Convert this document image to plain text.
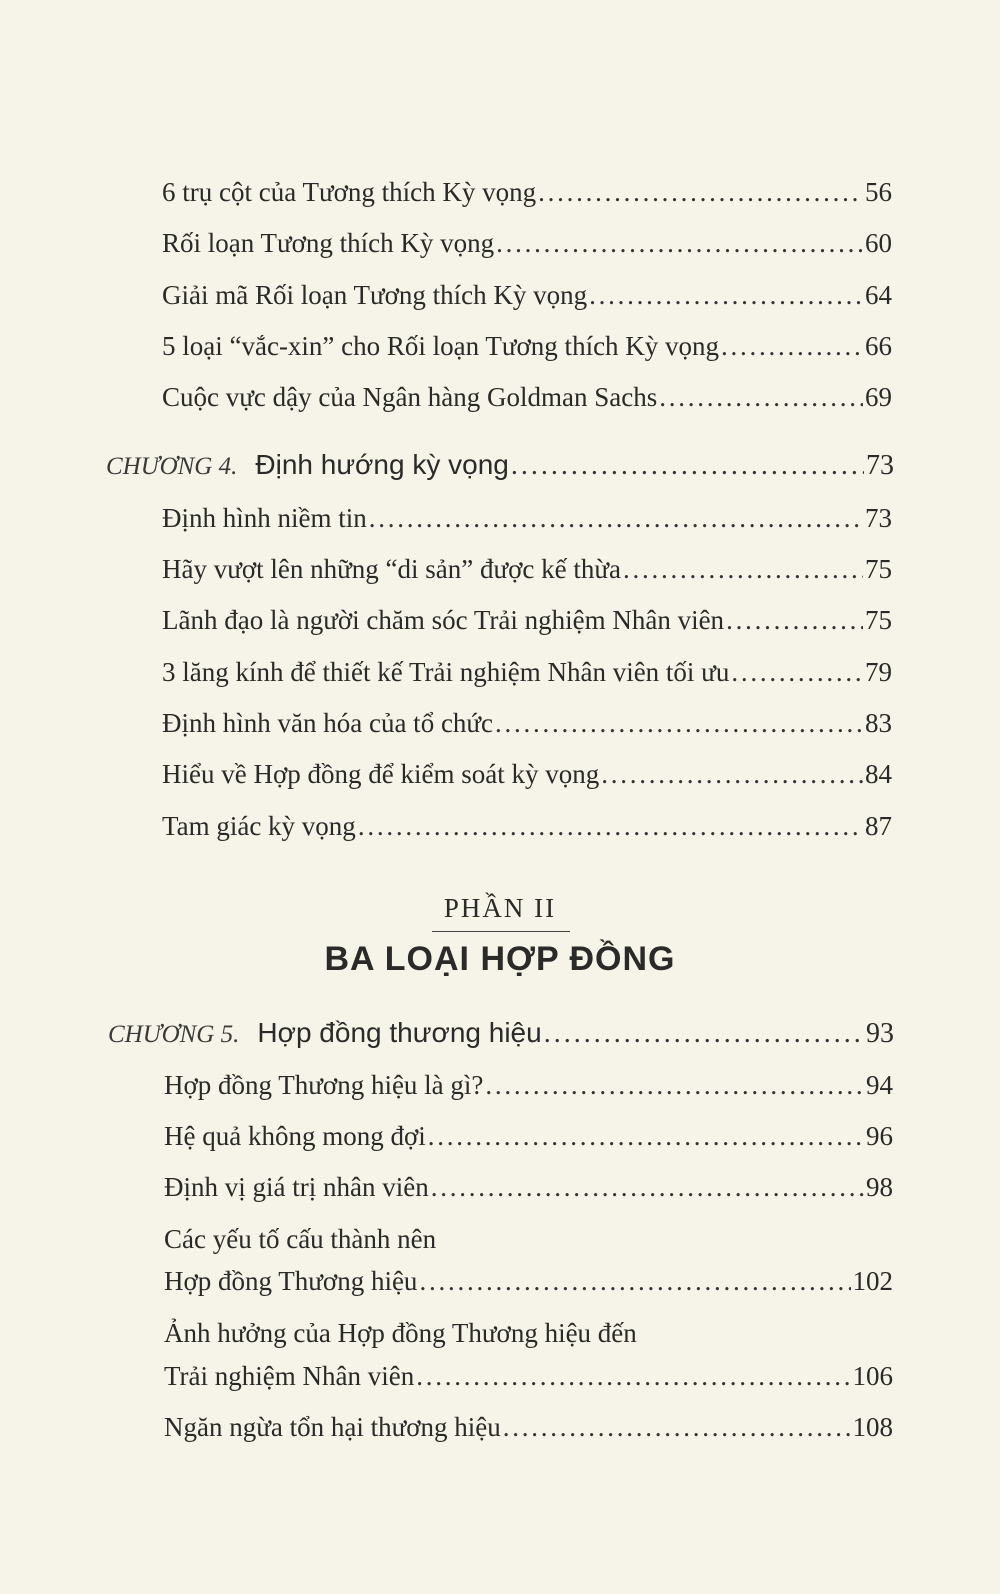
6 trụ cột của Tương thích Kỳ vọng . . .	56
Rối loạn Tương thích Kỳ vọng . . .	60
Giải mã Rối loạn Tương thích Kỳ vọng . . .	64
5 loại “vắc-xin” cho Rối loạn Tương thích Kỳ vọng . . .	66
Cuộc vực dậy của Ngân hàng Goldman Sachs . . .	69
CHƯƠNG 4. Định hướng kỳ vọng . . .	73
Định hình niềm tin . . .	73
Hãy vượt lên những “di sản” được kế thừa . . .	75
Lãnh đạo là người chăm sóc Trải nghiệm Nhân viên . . .	75
3 lăng kính để thiết kế Trải nghiệm Nhân viên tối ưu . . .	79
Định hình văn hóa của tổ chức . . .	83
Hiểu về Hợp đồng để kiểm soát kỳ vọng . . .	84
Tam giác kỳ vọng . . .	87
PHẦN II
BA LOẠI HỢP ĐỒNG
CHƯƠNG 5. Hợp đồng thương hiệu . . .	93
Hợp đồng Thương hiệu là gì? . . .	94
Hệ quả không mong đợi . . .	96
Định vị giá trị nhân viên . . .	98
Các yếu tố cấu thành nên
Hợp đồng Thương hiệu . . .	102
Ảnh hưởng của Hợp đồng Thương hiệu đến
Trải nghiệm Nhân viên . . .	106
Ngăn ngừa tổn hại thương hiệu . . .	108
